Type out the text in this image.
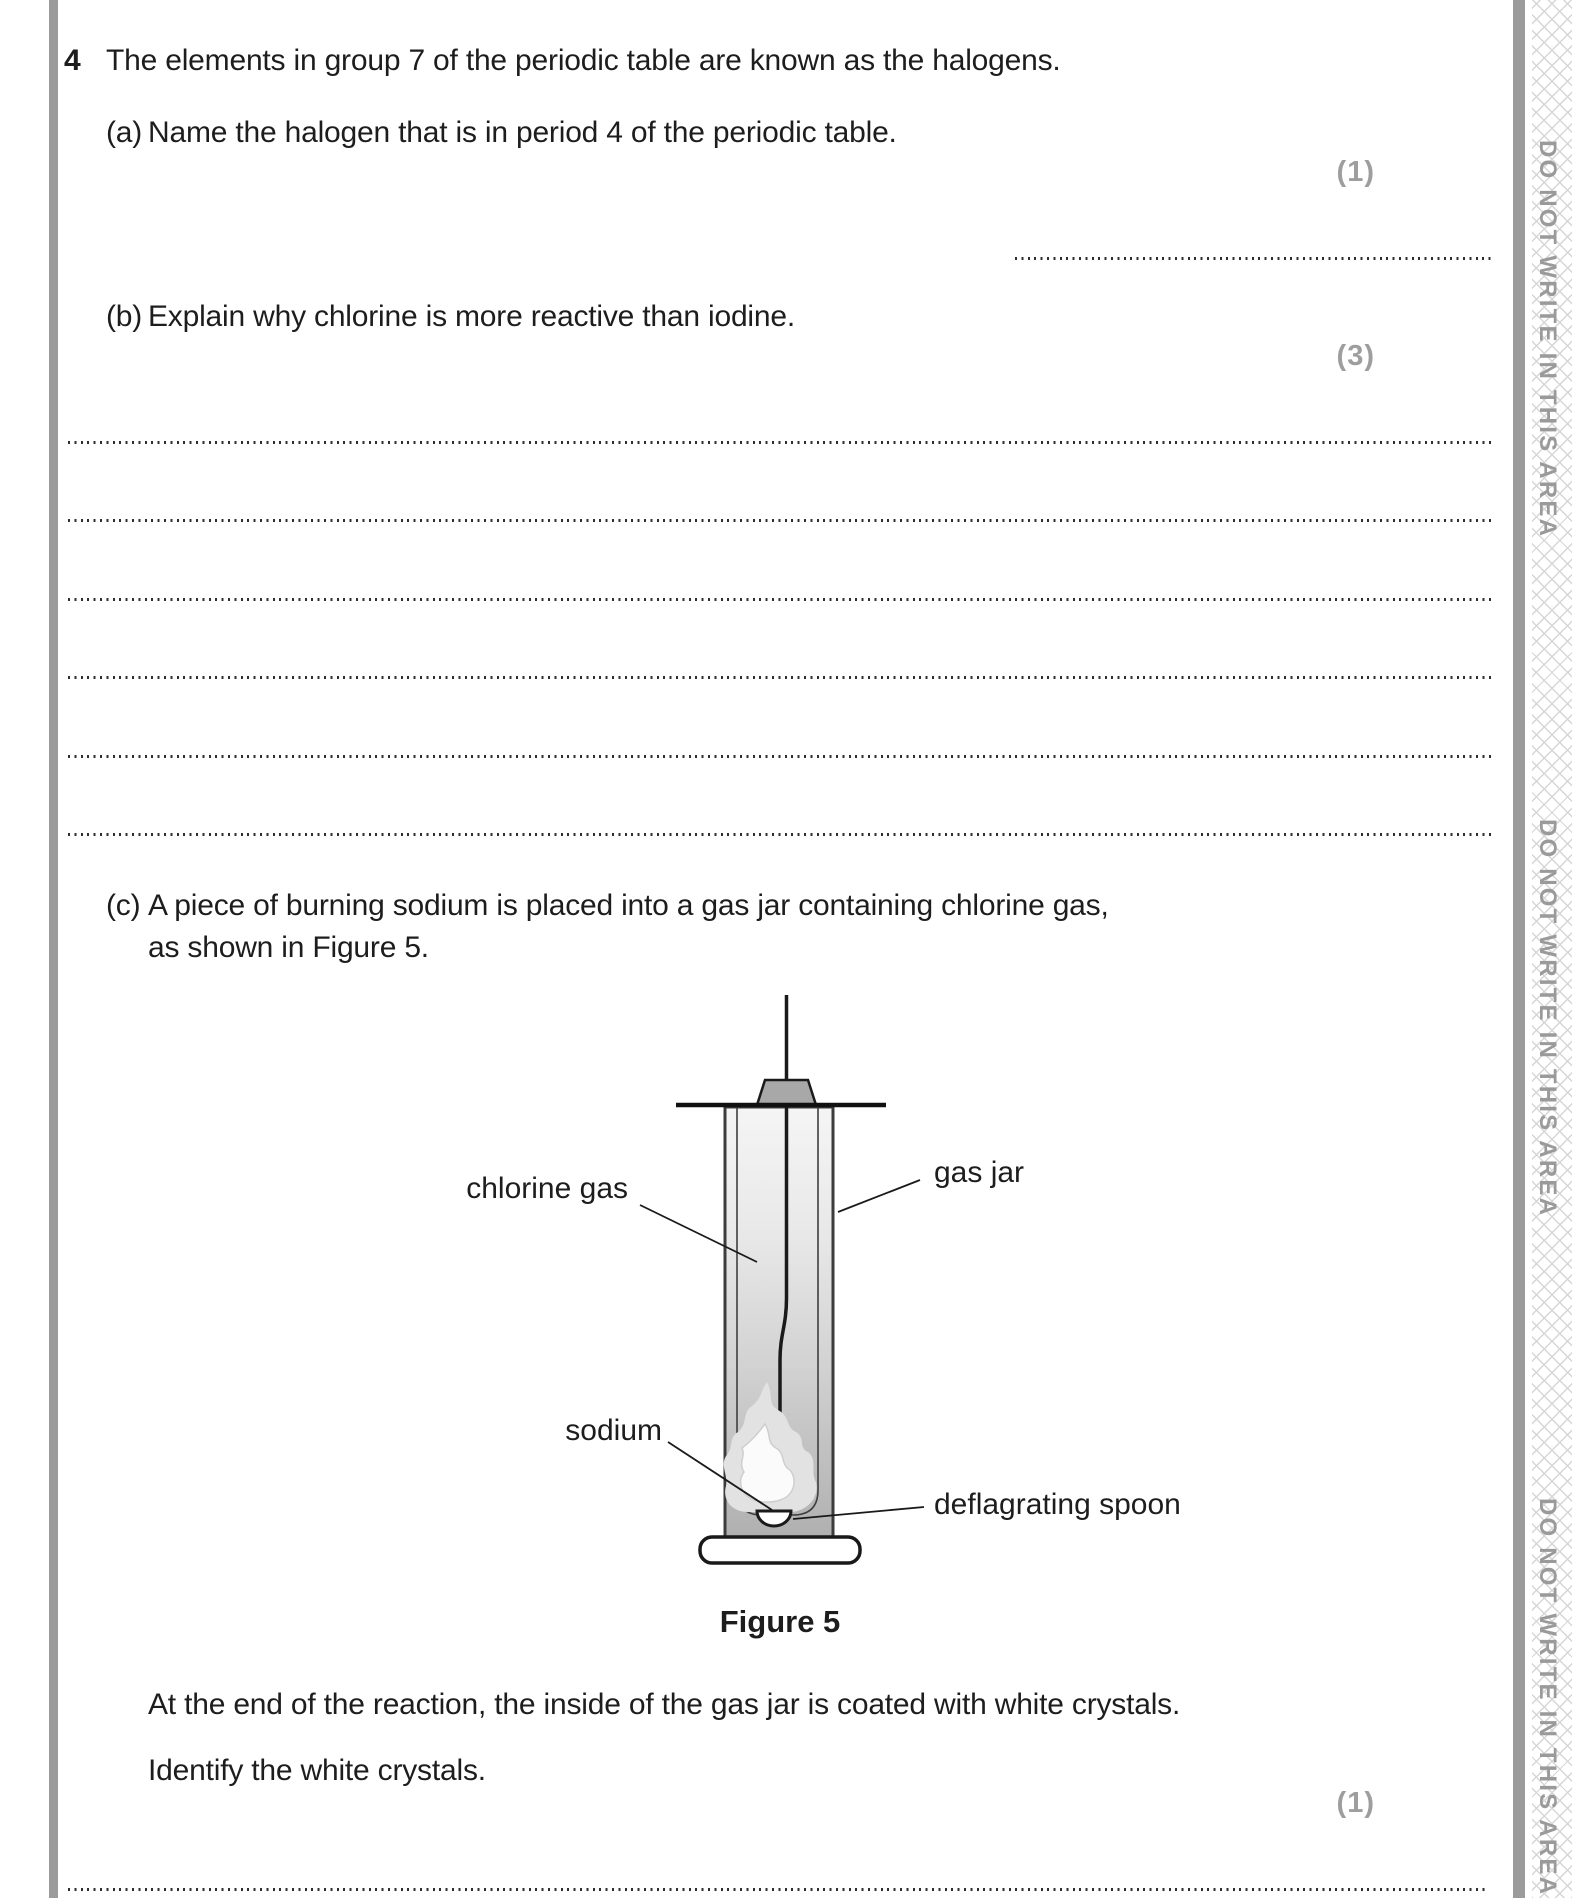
DO NOT WRITE IN THIS AREA
DO NOT WRITE IN THIS AREA
DO NOT WRITE IN THIS AREA
4 The elements in group 7 of the periodic table are known as the halogens.
(a) Name the halogen that is in period 4 of the periodic table.
(1)
(b) Explain why chlorine is more reactive than iodine.
(3)
(c) A piece of burning sodium is placed into a gas jar containing chlorine gas,
as shown in Figure 5.
chlorine gas	gas jar
sodium
deflagrating spoon
Figure 5
At the end of the reaction, the inside of the gas jar is coated with white crystals.
Identify the white crystals.
(1)
